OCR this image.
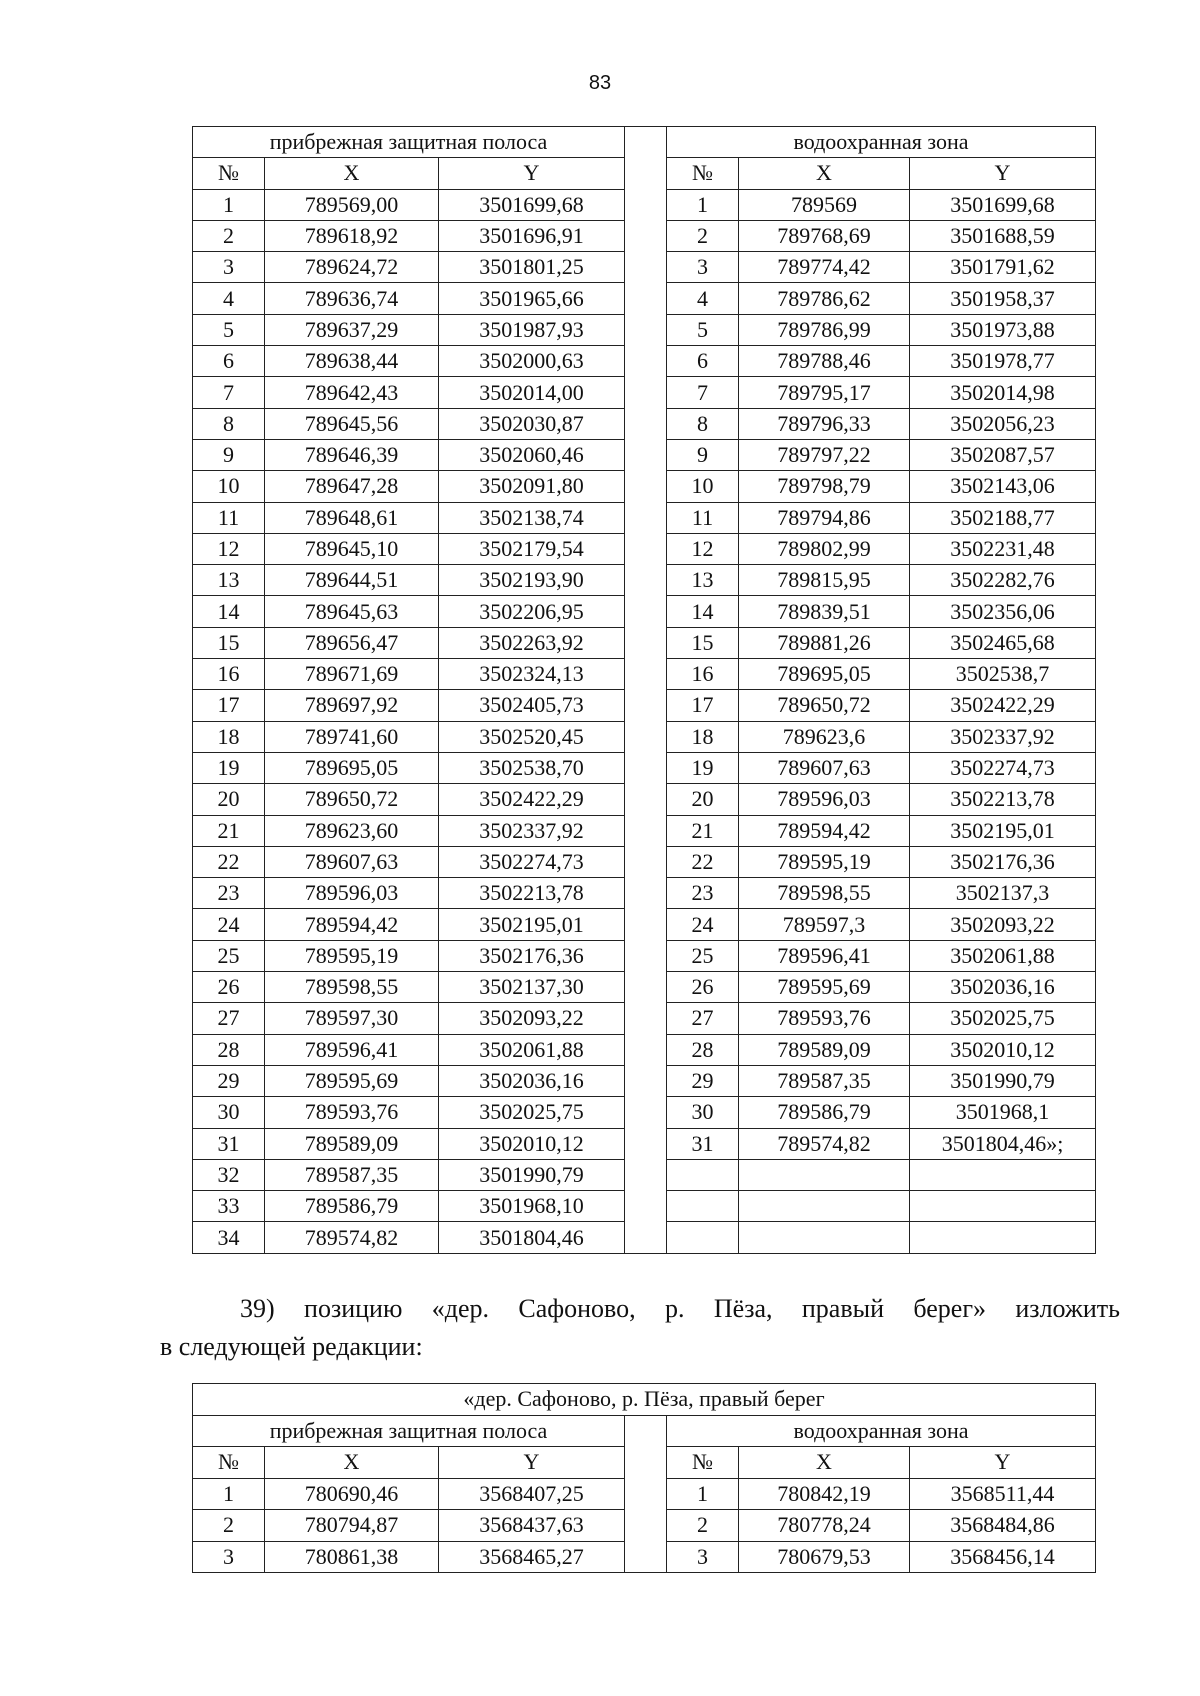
83
прибрежная защитная полоса				водоохранная зона		
№	X	Y		№	X	Y
1	789569,00	3501699,68		1	789569	3501699,68
2	789618,92	3501696,91		2	789768,69	3501688,59
3	789624,72	3501801,25		3	789774,42	3501791,62
4	789636,74	3501965,66		4	789786,62	3501958,37
5	789637,29	3501987,93		5	789786,99	3501973,88
6	789638,44	3502000,63		6	789788,46	3501978,77
7	789642,43	3502014,00		7	789795,17	3502014,98
8	789645,56	3502030,87		8	789796,33	3502056,23
9	789646,39	3502060,46		9	789797,22	3502087,57
10	789647,28	3502091,80		10	789798,79	3502143,06
11	789648,61	3502138,74		11	789794,86	3502188,77
12	789645,10	3502179,54		12	789802,99	3502231,48
13	789644,51	3502193,90		13	789815,95	3502282,76
14	789645,63	3502206,95		14	789839,51	3502356,06
15	789656,47	3502263,92		15	789881,26	3502465,68
16	789671,69	3502324,13		16	789695,05	3502538,7
17	789697,92	3502405,73		17	789650,72	3502422,29
18	789741,60	3502520,45		18	789623,6	3502337,92
19	789695,05	3502538,70		19	789607,63	3502274,73
20	789650,72	3502422,29		20	789596,03	3502213,78
21	789623,60	3502337,92		21	789594,42	3502195,01
22	789607,63	3502274,73		22	789595,19	3502176,36
23	789596,03	3502213,78		23	789598,55	3502137,3
24	789594,42	3502195,01		24	789597,3	3502093,22
25	789595,19	3502176,36		25	789596,41	3502061,88
26	789598,55	3502137,30		26	789595,69	3502036,16
27	789597,30	3502093,22		27	789593,76	3502025,75
28	789596,41	3502061,88		28	789589,09	3502010,12
29	789595,69	3502036,16		29	789587,35	3501990,79
30	789593,76	3502025,75		30	789586,79	3501968,1
31	789589,09	3502010,12		31	789574,82	3501804,46»;
32	789587,35	3501990,79				
33	789586,79	3501968,10				
34	789574,82	3501804,46				
39) позицию «дер. Сафоново, р. Пёза, правый берег» изложить
в следующей редакции:
«дер. Сафоново, р. Пёза, правый берег						
прибрежная защитная полоса				водоохранная зона		
№	X	Y		№	X	Y
1	780690,46	3568407,25		1	780842,19	3568511,44
2	780794,87	3568437,63		2	780778,24	3568484,86
3	780861,38	3568465,27		3	780679,53	3568456,14
